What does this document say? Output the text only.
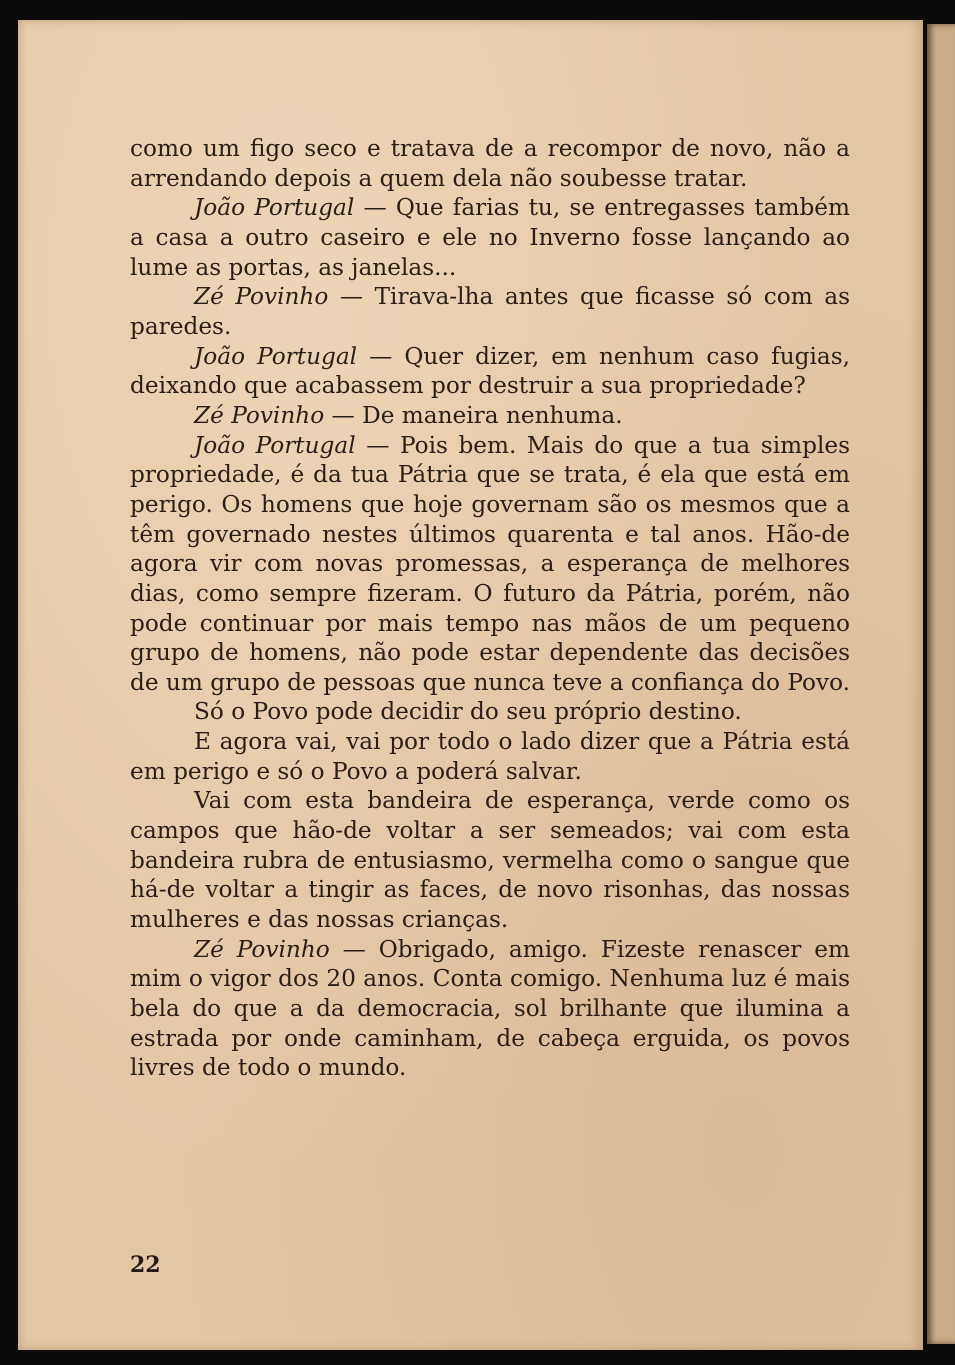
como um figo seco e tratava de a recompor de novo, não a arrendando depois a quem dela não soubesse tratar.

João Portugal — Que farias tu, se entregasses também a casa a outro caseiro e ele no Inverno fosse lançando ao lume as portas, as janelas...

Zé Povinho — Tirava-lha antes que ficasse só com as paredes.

João Portugal — Quer dizer, em nenhum caso fugias, deixando que acabassem por destruir a sua propriedade?

Zé Povinho — De maneira nenhuma.

João Portugal — Pois bem. Mais do que a tua simples propriedade, é da tua Pátria que se trata, é ela que está em perigo. Os homens que hoje governam são os mesmos que a têm governado nestes últimos quarenta e tal anos. Hão-de agora vir com novas promessas, a esperança de melhores dias, como sempre fizeram. O futuro da Pátria, porém, não pode continuar por mais tempo nas mãos de um pequeno grupo de homens, não pode estar dependente das decisões de um grupo de pessoas que nunca teve a confiança do Povo.

Só o Povo pode decidir do seu próprio destino.

E agora vai, vai por todo o lado dizer que a Pátria está em perigo e só o Povo a poderá salvar.

Vai com esta bandeira de esperança, verde como os campos que hão-de voltar a ser semeados; vai com esta bandeira rubra de entusiasmo, vermelha como o sangue que há-de voltar a tingir as faces, de novo risonhas, das nossas mulheres e das nossas crianças.

Zé Povinho — Obrigado, amigo. Fizeste renascer em mim o vigor dos 20 anos. Conta comigo. Nenhuma luz é mais bela do que a da democracia, sol brilhante que ilumina a estrada por onde caminham, de cabeça erguida, os povos livres de todo o mundo.

22
